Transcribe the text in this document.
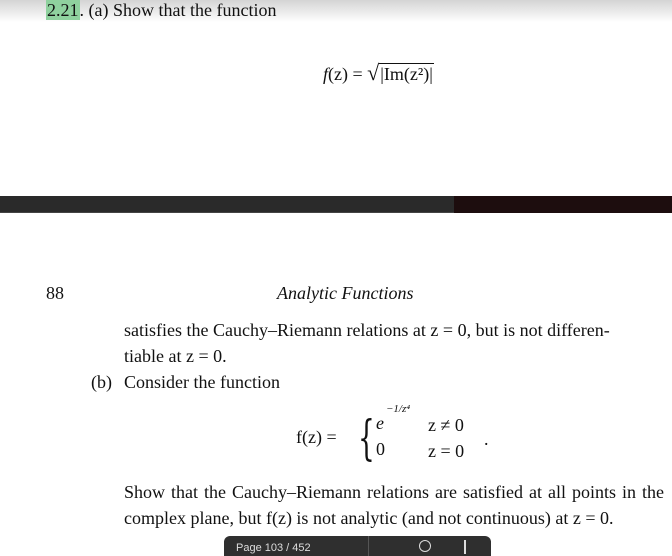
2.21. (a) Show that the function
f(z) = √|Im(z²)|
88	Analytic Functions
satisfies the Cauchy–Riemann relations at z = 0, but is not differen-
tiable at z = 0.
(b) Consider the function
f(z) = { e
−1/z⁴
z ≠ 0
0 z = 0
.
Show that the Cauchy–Riemann relations are satisfied at all points in the complex plane, but f(z) is not analytic (and not continuous) at z = 0.
Page 103 / 452
